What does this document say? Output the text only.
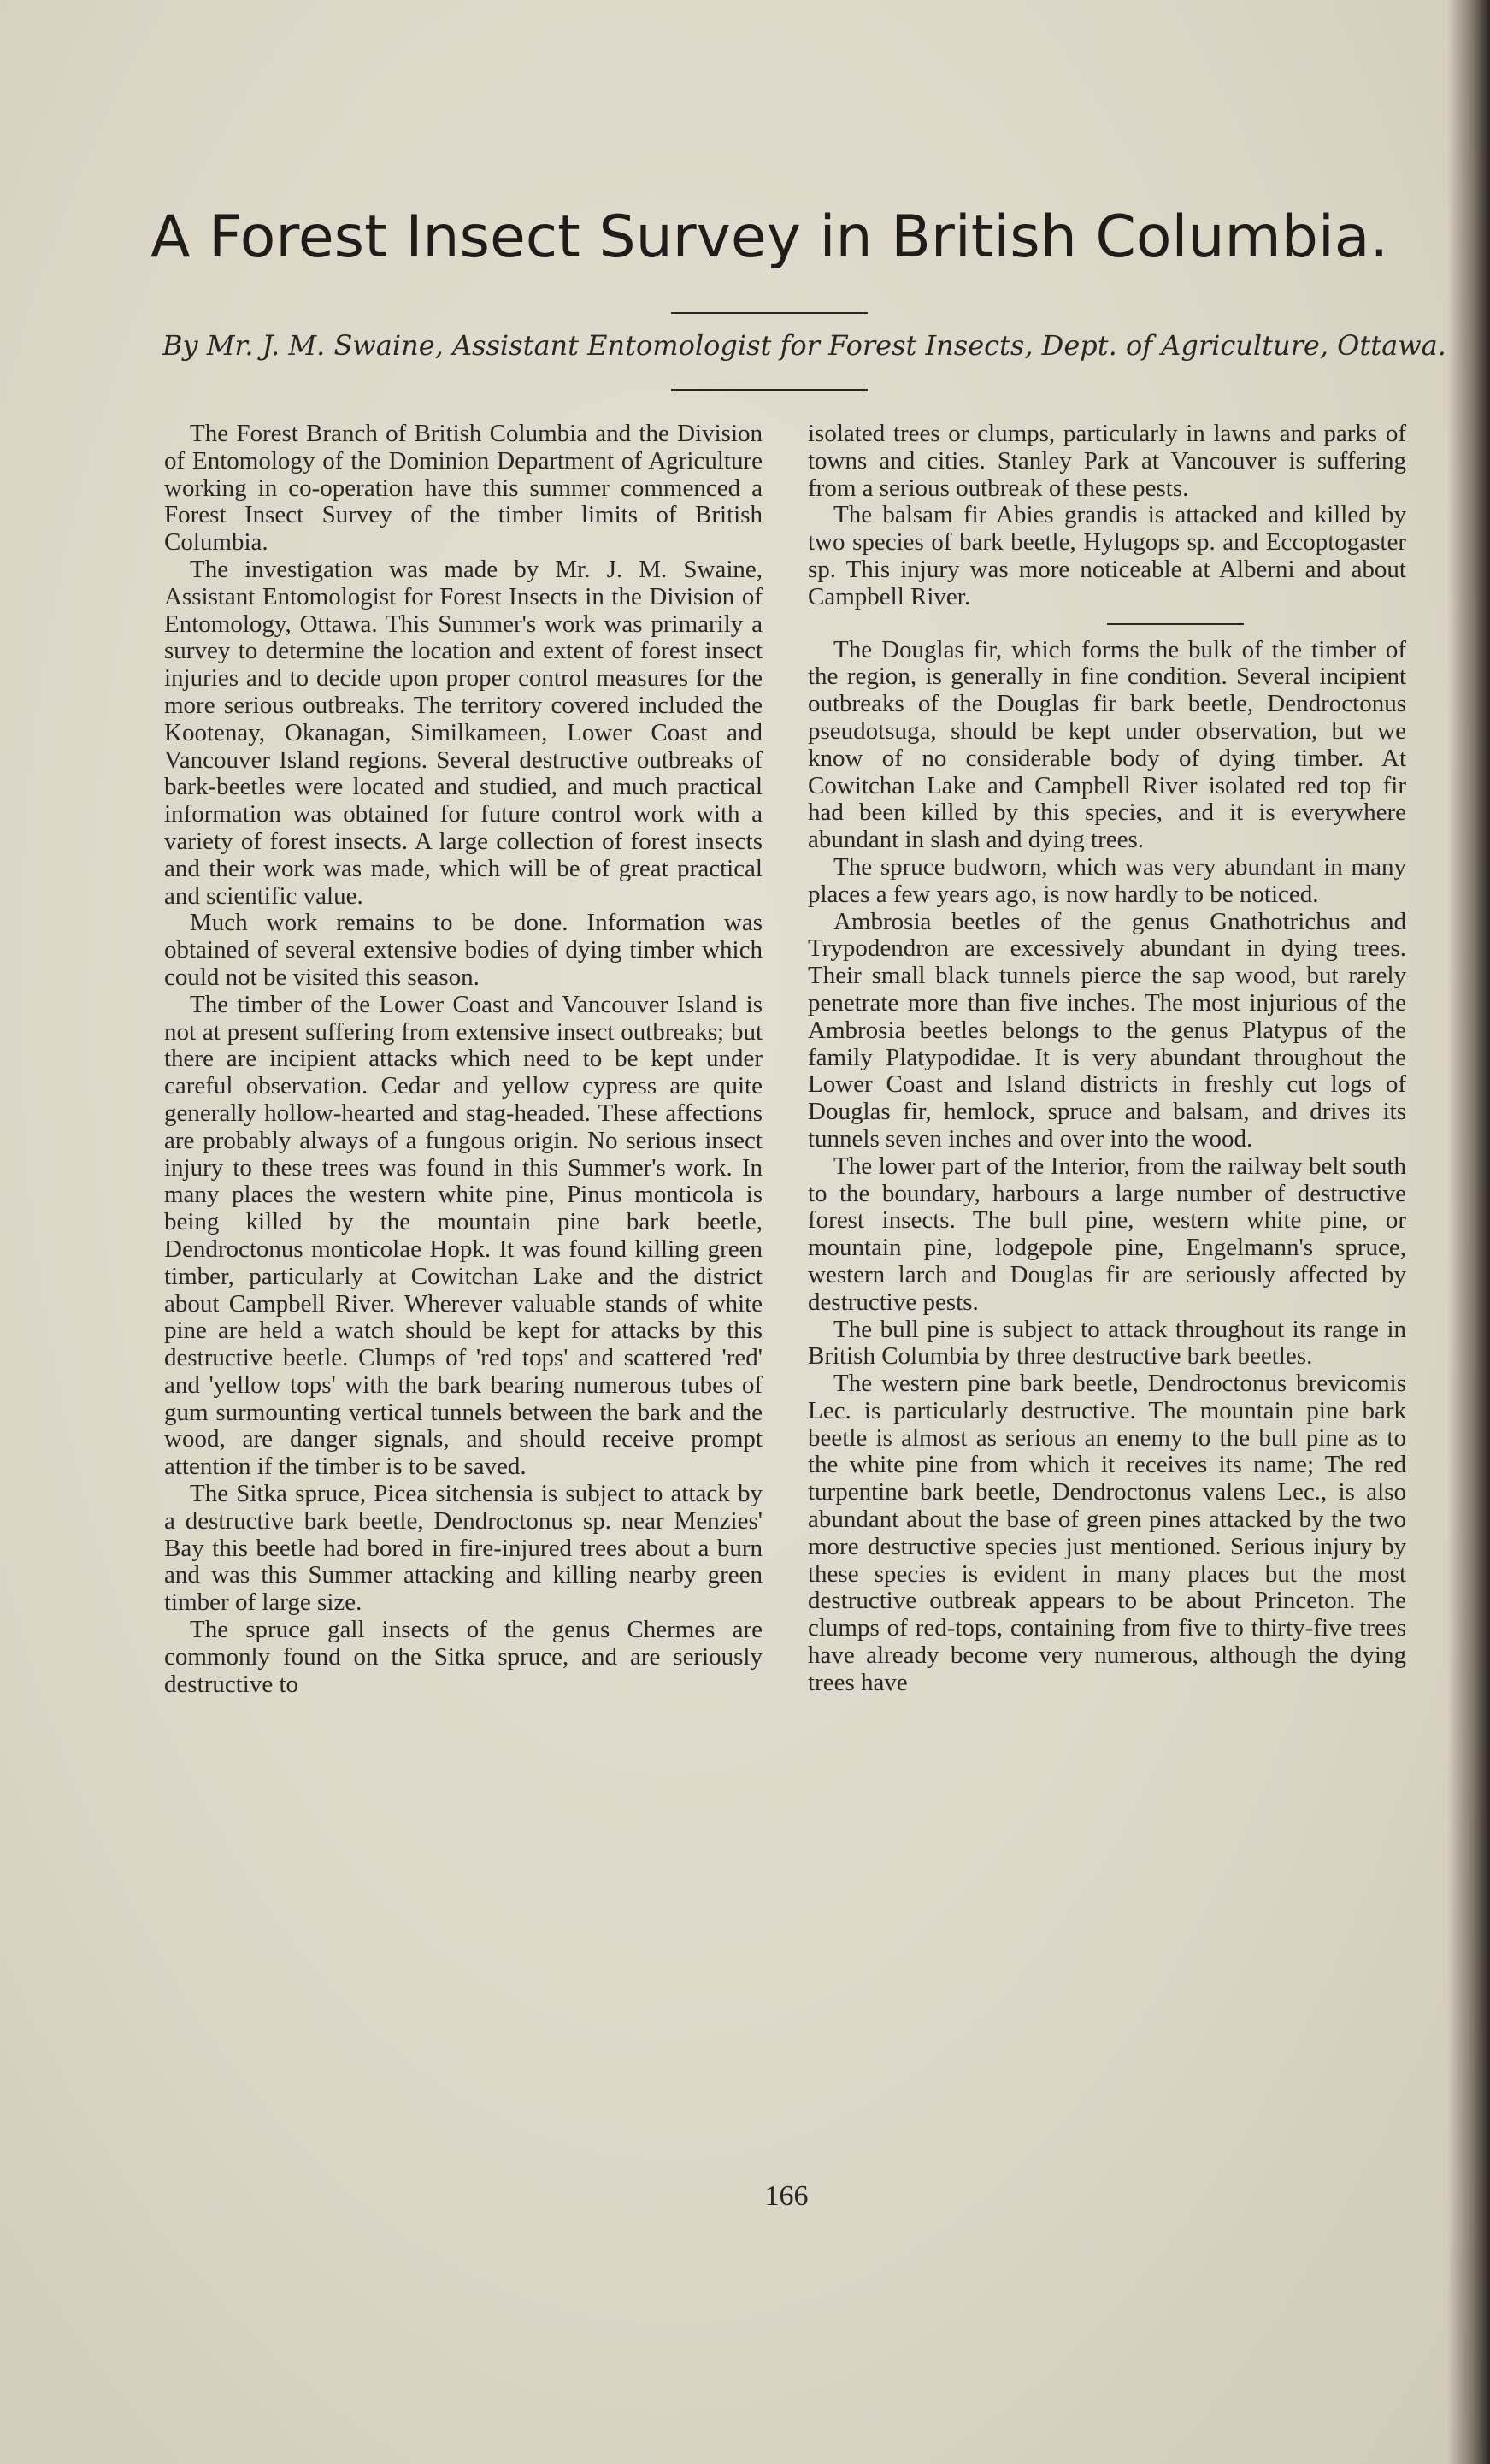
A Forest Insect Survey in British Columbia.
By Mr. J. M. Swaine, Assistant Entomologist for Forest Insects, Dept. of Agriculture, Ottawa.

The Forest Branch of British Columbia and the Division of Entomology of the Dominion Department of Agriculture working in co-operation have this summer commenced a Forest Insect Survey of the timber limits of British Columbia.

The investigation was made by Mr. J. M. Swaine, Assistant Entomologist for Forest Insects in the Division of Entomology, Ottawa. This Summer's work was primarily a survey to determine the location and extent of forest insect injuries and to decide upon proper control measures for the more serious outbreaks. The territory covered included the Kootenay, Okanagan, Similkameen, Lower Coast and Vancouver Island regions. Several destructive outbreaks of bark-beetles were located and studied, and much practical information was obtained for future control work with a variety of forest insects. A large collection of forest insects and their work was made, which will be of great practical and scientific value.

Much work remains to be done. Information was obtained of several extensive bodies of dying timber which could not be visited this season.

The timber of the Lower Coast and Vancouver Island is not at present suffering from extensive insect outbreaks; but there are incipient attacks which need to be kept under careful observation. Cedar and yellow cypress are quite generally hollow-hearted and stag-headed. These affections are probably always of a fungous origin. No serious insect injury to these trees was found in this Summer's work. In many places the western white pine, Pinus monticola is being killed by the mountain pine bark beetle, Dendroctonus monticolae Hopk. It was found killing green timber, particularly at Cowitchan Lake and the district about Campbell River. Wherever valuable stands of white pine are held a watch should be kept for attacks by this destructive beetle. Clumps of 'red tops' and scattered 'red' and 'yellow tops' with the bark bearing numerous tubes of gum surmounting vertical tunnels between the bark and the wood, are danger signals, and should receive prompt attention if the timber is to be saved.

The Sitka spruce, Picea sitchensia is subject to attack by a destructive bark beetle, Dendroctonus sp. near Menzies' Bay this beetle had bored in fire-injured trees about a burn and was this Summer attacking and killing nearby green timber of large size.

The spruce gall insects of the genus Chermes are commonly found on the Sitka spruce, and are seriously destructive to

isolated trees or clumps, particularly in lawns and parks of towns and cities. Stanley Park at Vancouver is suffering from a serious outbreak of these pests.

The balsam fir Abies grandis is attacked and killed by two species of bark beetle, Hylugops sp. and Eccoptogaster sp. This injury was more noticeable at Alberni and about Campbell River.

The Douglas fir, which forms the bulk of the timber of the region, is generally in fine condition. Several incipient outbreaks of the Douglas fir bark beetle, Dendroctonus pseudotsuga, should be kept under observation, but we know of no considerable body of dying timber. At Cowitchan Lake and Campbell River isolated red top fir had been killed by this species, and it is everywhere abundant in slash and dying trees.

The spruce budworn, which was very abundant in many places a few years ago, is now hardly to be noticed.

Ambrosia beetles of the genus Gnathotrichus and Trypodendron are excessively abundant in dying trees. Their small black tunnels pierce the sap wood, but rarely penetrate more than five inches. The most injurious of the Ambrosia beetles belongs to the genus Platypus of the family Platypodidae. It is very abundant throughout the Lower Coast and Island districts in freshly cut logs of Douglas fir, hemlock, spruce and balsam, and drives its tunnels seven inches and over into the wood.

The lower part of the Interior, from the railway belt south to the boundary, harbours a large number of destructive forest insects. The bull pine, western white pine, or mountain pine, lodgepole pine, Engelmann's spruce, western larch and Douglas fir are seriously affected by destructive pests.

The bull pine is subject to attack throughout its range in British Columbia by three destructive bark beetles.

The western pine bark beetle, Dendroctonus brevicomis Lec. is particularly destructive. The mountain pine bark beetle is almost as serious an enemy to the bull pine as to the white pine from which it receives its name; The red turpentine bark beetle, Dendroctonus valens Lec., is also abundant about the base of green pines attacked by the two more destructive species just mentioned. Serious injury by these species is evident in many places but the most destructive outbreak appears to be about Princeton. The clumps of red-tops, containing from five to thirty-five trees have already become very numerous, although the dying trees have

166
